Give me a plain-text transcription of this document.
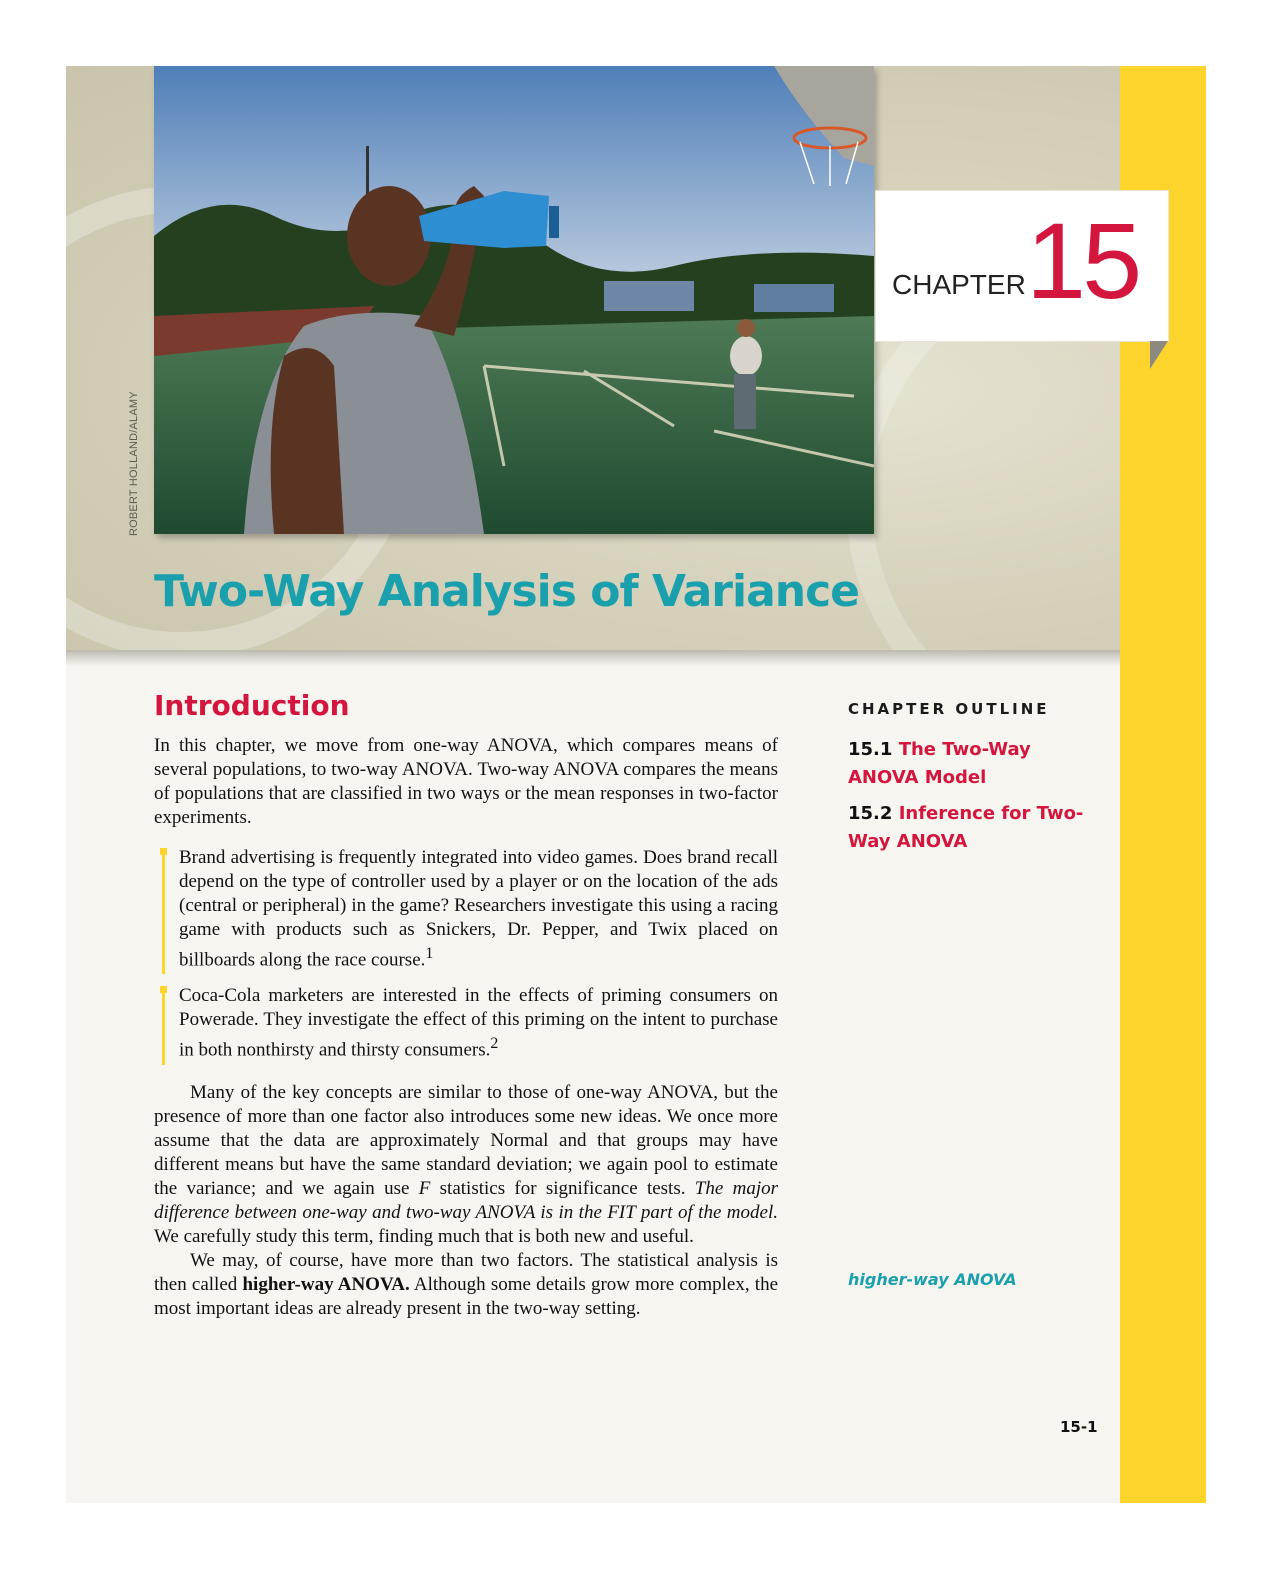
CHAPTER 15
Two-Way Analysis of Variance
Introduction

In this chapter, we move from one-way ANOVA, which compares means of several populations, to two-way ANOVA. Two-way ANOVA compares the means of populations that are classified in two ways or the mean responses in two-factor experiments.

Brand advertising is frequently integrated into video games. Does brand recall depend on the type of controller used by a player or on the location of the ads (central or peripheral) in the game? Researchers investigate this using a racing game with products such as Snickers, Dr. Pepper, and Twix placed on billboards along the race course.$^1$
Coca-Cola marketers are interested in the effects of priming consumers on Powerade. They investigate the effect of this priming on the intent to purchase in both nonthirsty and thirsty consumers.$^2$

Many of the key concepts are similar to those of one-way ANOVA, but the presence of more than one factor also introduces some new ideas. We once more assume that the data are approximately Normal and that groups may have different means but have the same standard deviation; we again pool to estimate the variance; and we again use F statistics for significance tests. The major difference between one-way and two-way ANOVA is in the FIT part of the model. We carefully study this term, finding much that is both new and useful.

We may, of course, have more than two factors. The statistical analysis is then called higher-way ANOVA. Although some details grow more complex, the most important ideas are already present in the two-way setting.

CHAPTER OUTLINE
15.1 The Two-Way ANOVA Model
15.2 Inference for Two-Way ANOVA
higher-way ANOVA
15-1
